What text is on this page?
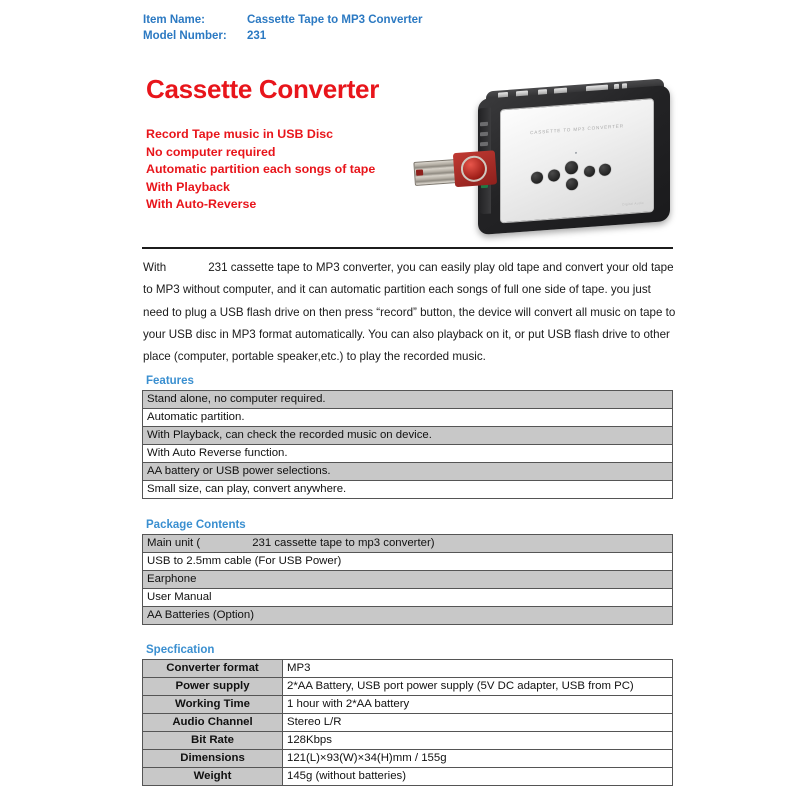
Item Name:	Cassette Tape to MP3 Converter
Model Number: 231
Cassette Converter
Record Tape music in USB Disc
No computer required
Automatic partition each songs of tape
With Playback
With Auto-Reverse
CASSETTE TO MP3 CONVERTER
Digital Audio
With	231 cassette tape to MP3 converter, you can easily play old tape and convert your old tape to MP3 without computer, and it can automatic partition each songs of full one side of tape. you just need to plug a USB flash drive on then press “record” button, the device will convert all music on tape to your USB disc in MP3 format automatically. You can also playback on it, or put USB flash drive to other place (computer, portable speaker,etc.) to play the recorded music.
Features
Stand alone, no computer required.
Automatic partition.
With Playback, can check the recorded music on device.
With Auto Reverse function.
AA battery or USB power selections.
Small size, can play, convert anywhere.
Package Contents
Main unit (	231 cassette tape to mp3 converter)
USB to 2.5mm cable (For USB Power)
Earphone
User Manual
AA Batteries (Option)
Specfication
Converter format	MP3
Power supply	2*AA Battery, USB port power supply (5V DC adapter, USB from PC)
Working Time	1 hour with 2*AA battery
Audio Channel	Stereo L/R
Bit Rate	128Kbps
Dimensions	121(L)×93(W)×34(H)mm / 155g
Weight	145g (without batteries)
